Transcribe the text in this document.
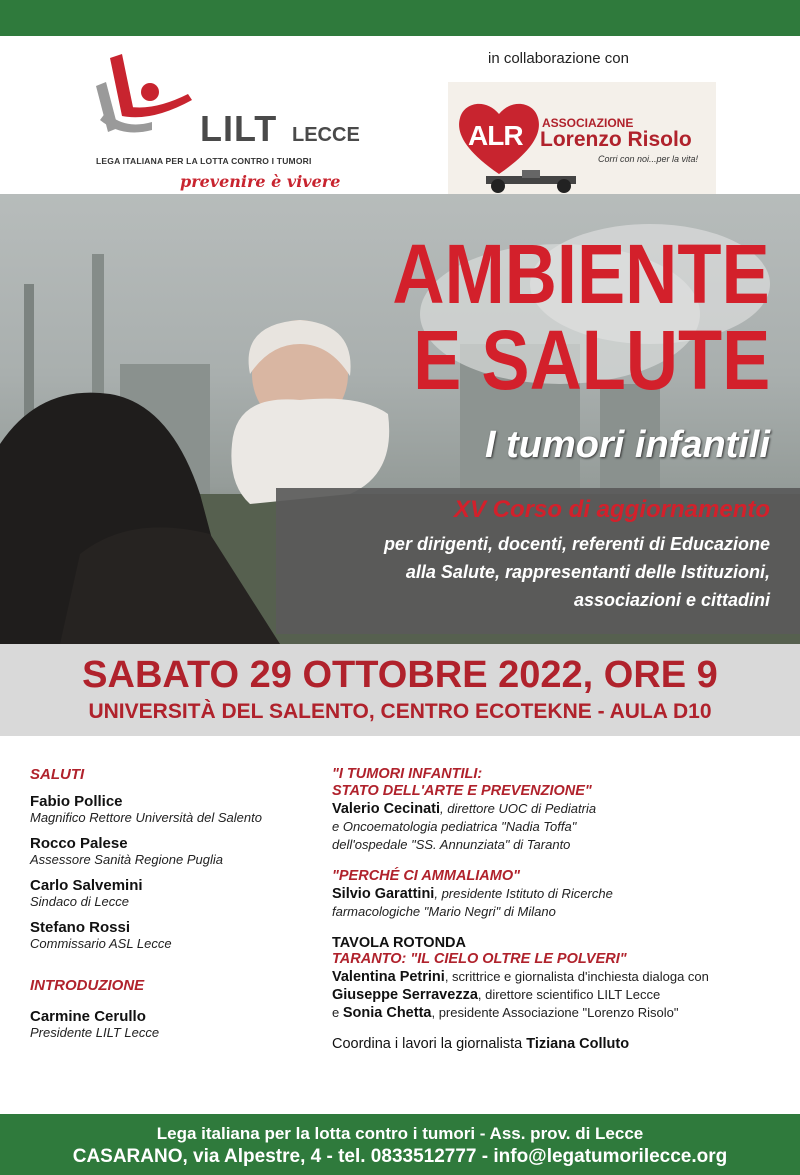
LILT LECCE
LEGA ITALIANA PER LA LOTTA CONTRO I TUMORI
prevenire è vivere
in collaborazione con
ALR ASSOCIAZIONE
Lorenzo Risolo
Corri con noi...per la vita!
AMBIENTE
E SALUTE
I tumori infantili
XV Corso di aggiornamento
per dirigenti, docenti, referenti di Educazione
alla Salute, rappresentanti delle Istituzioni,
associazioni e cittadini
SABATO 29 OTTOBRE 2022, ORE 9
UNIVERSITÀ DEL SALENTO, CENTRO ECOTEKNE - AULA D10
SALUTI
Fabio Pollice
Magnifico Rettore Università del Salento
Rocco Palese
Assessore Sanità Regione Puglia
Carlo Salvemini
Sindaco di Lecce
Stefano Rossi
Commissario ASL Lecce
INTRODUZIONE
Carmine Cerullo
Presidente LILT Lecce
"I TUMORI INFANTILI:
STATO DELL'ARTE E PREVENZIONE"
Valerio Cecinati, direttore UOC di Pediatria
e Oncoematologia pediatrica "Nadia Toffa"
dell'ospedale "SS. Annunziata" di Taranto
"PERCHÉ CI AMMALIAMO"
Silvio Garattini, presidente Istituto di Ricerche
farmacologiche "Mario Negri" di Milano
TAVOLA ROTONDA
TARANTO: "IL CIELO OLTRE LE POLVERI"
Valentina Petrini, scrittrice e giornalista d'inchiesta dialoga con
Giuseppe Serravezza, direttore scientifico LILT Lecce
e Sonia Chetta, presidente Associazione "Lorenzo Risolo"
Coordina i lavori la giornalista Tiziana Colluto
Lega italiana per la lotta contro i tumori - Ass. prov. di Lecce
CASARANO, via Alpestre, 4 - tel. 0833512777 - info@legatumorilecce.org
